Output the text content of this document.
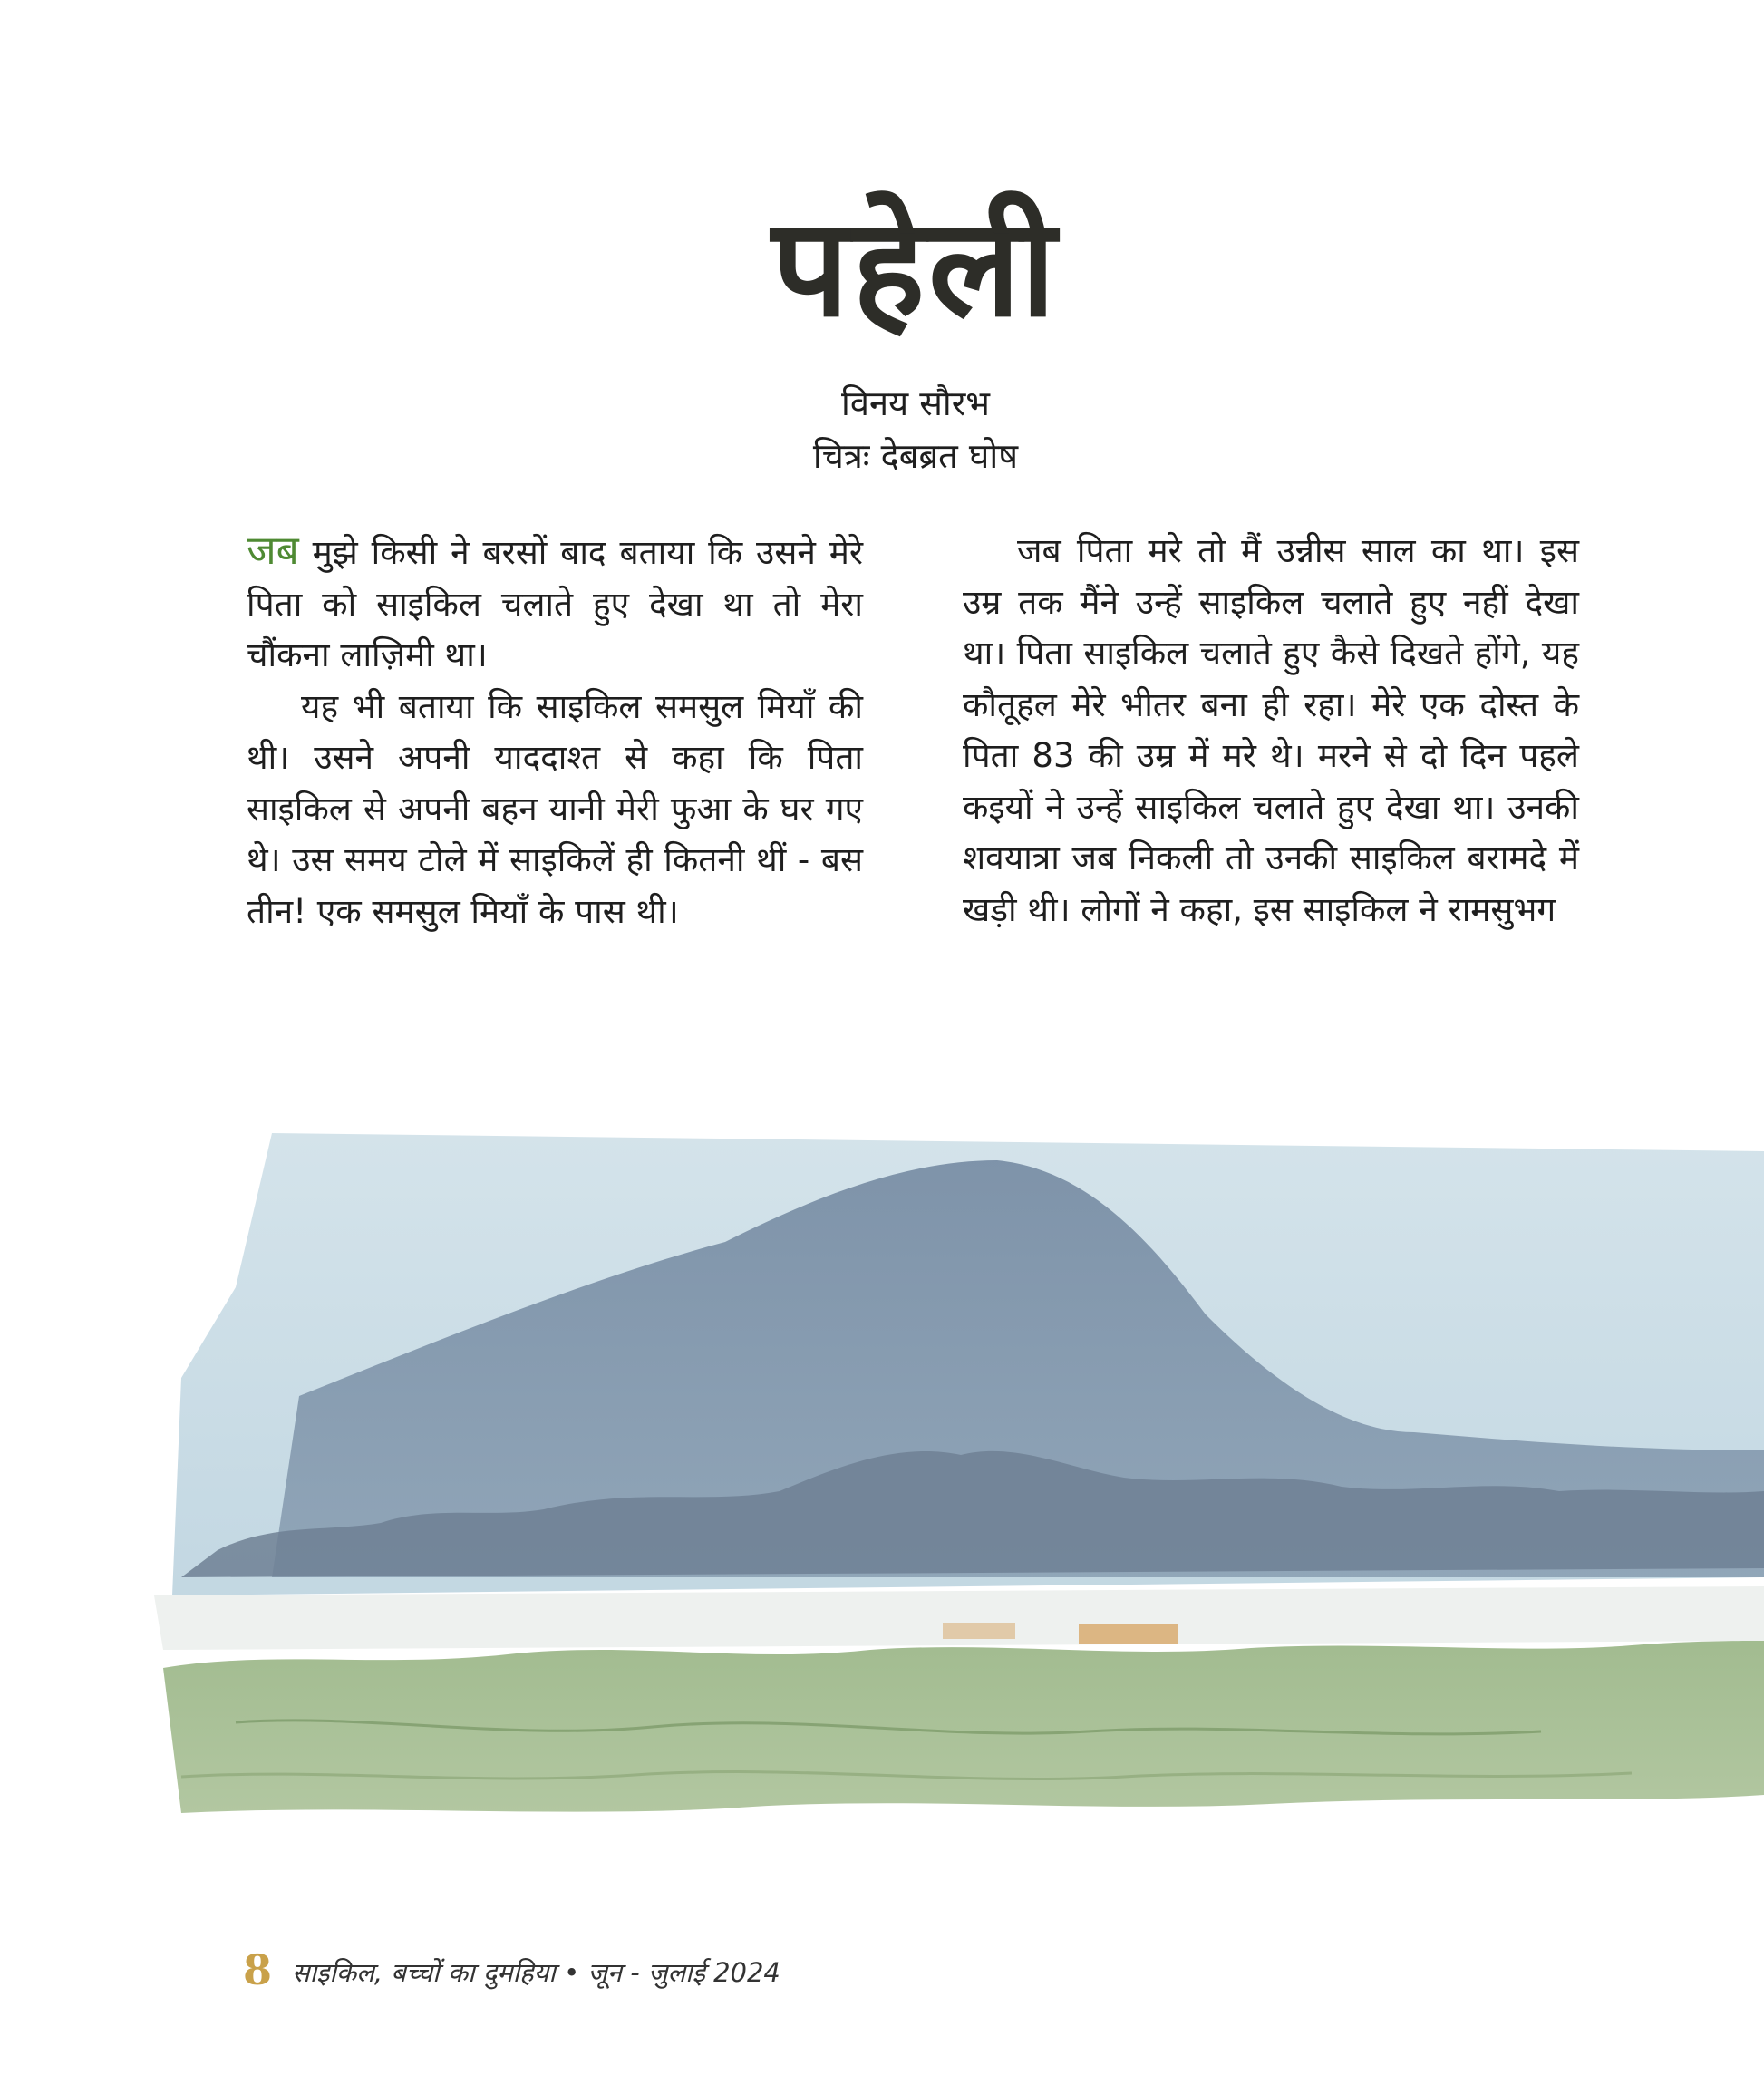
पहेली
विनय सौरभ
चित्रः देबब्रत घोष

जब मुझे किसी ने बरसों बाद बताया कि उसने मेरे पिता को साइकिल चलाते हुए देखा था तो मेरा चौंकना लाज़िमी था।

यह भी बताया कि साइकिल समसुल मियाँ की थी। उसने अपनी याददाश्त से कहा कि पिता साइकिल से अपनी बहन यानी मेरी फुआ के घर गए थे। उस समय टोले में साइकिलें ही कितनी थीं - बस तीन! एक समसुल मियाँ के पास थी।

जब पिता मरे तो मैं उन्नीस साल का था। इस उम्र तक मैंने उन्हें साइकिल चलाते हुए नहीं देखा था। पिता साइकिल चलाते हुए कैसे दिखते होंगे, यह कौतूहल मेरे भीतर बना ही रहा। मेरे एक दोस्त के पिता 83 की उम्र में मरे थे। मरने से दो दिन पहले कइयों ने उन्हें साइकिल चलाते हुए देखा था। उनकी शवयात्रा जब निकली तो उनकी साइकिल बरामदे में खड़ी थी। लोगों ने कहा, इस साइकिल ने रामसुभग

8 साइकिल, बच्चों का दुमहिया • जून - जुलाई 2024
